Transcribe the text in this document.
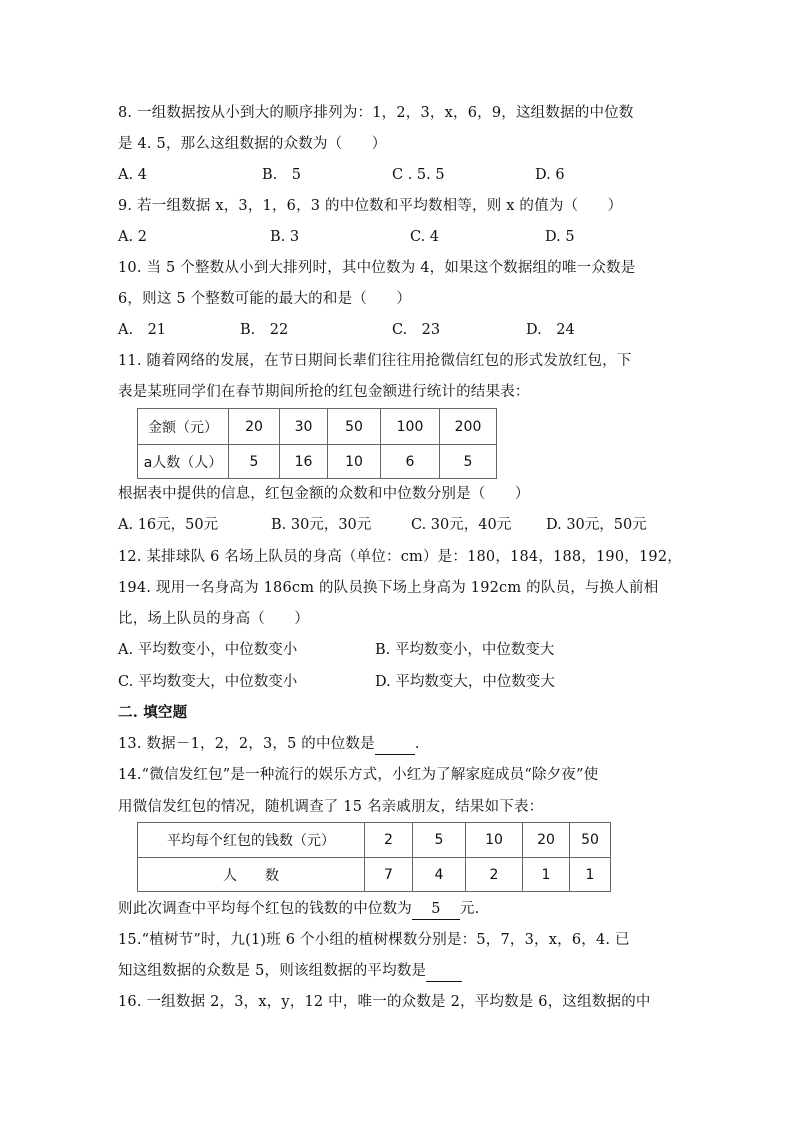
8. 一组数据按从小到大的顺序排列为：1，2，3，x，6，9，这组数据的中位数
是 4. 5，那么这组数据的众数为（　　）
A. 4	B.　5	C . 5. 5	D. 6
9. 若一组数据 x，3，1，6，3 的中位数和平均数相等，则 x 的值为（　　）
A. 2	B. 3	C. 4	D. 5
10. 当 5 个整数从小到大排列时，其中位数为 4，如果这个数据组的唯一众数是
6，则这 5 个整数可能的最大的和是（　　）
A.　21	B.　22	C.　23	D.　24
11. 随着网络的发展，在节日期间长辈们往往用抢微信红包的形式发放红包，下
表是某班同学们在春节期间所抢的红包金额进行统计的结果表：
金额（元）	20	30	50	100	200
a人数（人）	5	16	10	6	5
根据表中提供的信息，红包金额的众数和中位数分别是（　　）
A. 16元，50元	B. 30元，30元	C. 30元，40元 D. 30元，50元
12. 某排球队 6 名场上队员的身高（单位：cm）是：180，184，188，190，192，
194. 现用一名身高为 186cm 的队员换下场上身高为 192cm 的队员，与换人前相
比，场上队员的身高（　　）
A. 平均数变小，中位数变小	B. 平均数变小，中位数变大
C. 平均数变大，中位数变小	D. 平均数变大，中位数变大
二. 填空题
13. 数据－1，2，2，3，5 的中位数是	.
14.“微信发红包”是一种流行的娱乐方式，小红为了解家庭成员“除夕夜”使
用微信发红包的情况，随机调查了 15 名亲戚朋友，结果如下表：
平均每个红包的钱数（元）	2	5	10	20	50
人　　数	7	4	2	1	1
则此次调查中平均每个红包的钱数的中位数为 5 元.
15.“植树节”时，九(1)班 6 个小组的植树棵数分别是：5，7，3，x，6，4. 已
知这组数据的众数是 5，则该组数据的平均数是
16. 一组数据 2，3，x，y，12 中，唯一的众数是 2，平均数是 6，这组数据的中
